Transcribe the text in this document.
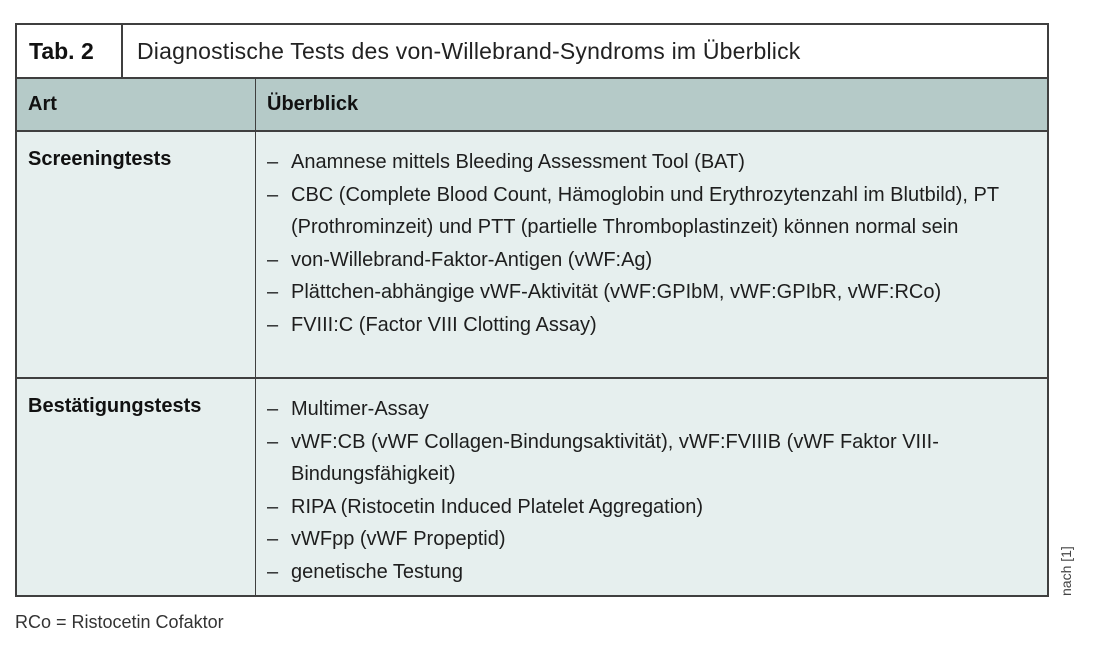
Tab. 2	Diagnostische Tests des von-Willebrand-Syndroms im Überblick
Art	Überblick
Screeningtests	– Anamnese mittels Bleeding Assessment Tool (BAT)
– CBC (Complete Blood Count, Hämoglobin und Erythrozytenzahl im Blutbild), PT (Prothrominzeit) und PTT (partielle Thromboplastinzeit) können normal sein
– von-Willebrand-Faktor-Antigen (vWF:Ag)
– Plättchen-abhängige vWF-Aktivität (vWF:GPIbM, vWF:GPIbR, vWF:RCo)
– FVIII:C (Factor VIII Clotting Assay)
Bestätigungstests	– Multimer-Assay
– vWF:CB (vWF Collagen-Bindungsaktivität), vWF:FVIIIB (vWF Faktor VIII-Bindungsfähigkeit)
– RIPA (Ristocetin Induced Platelet Aggregation)
– vWFpp (vWF Propeptid)
– genetische Testung
RCo = Ristocetin Cofaktor
nach [1]
